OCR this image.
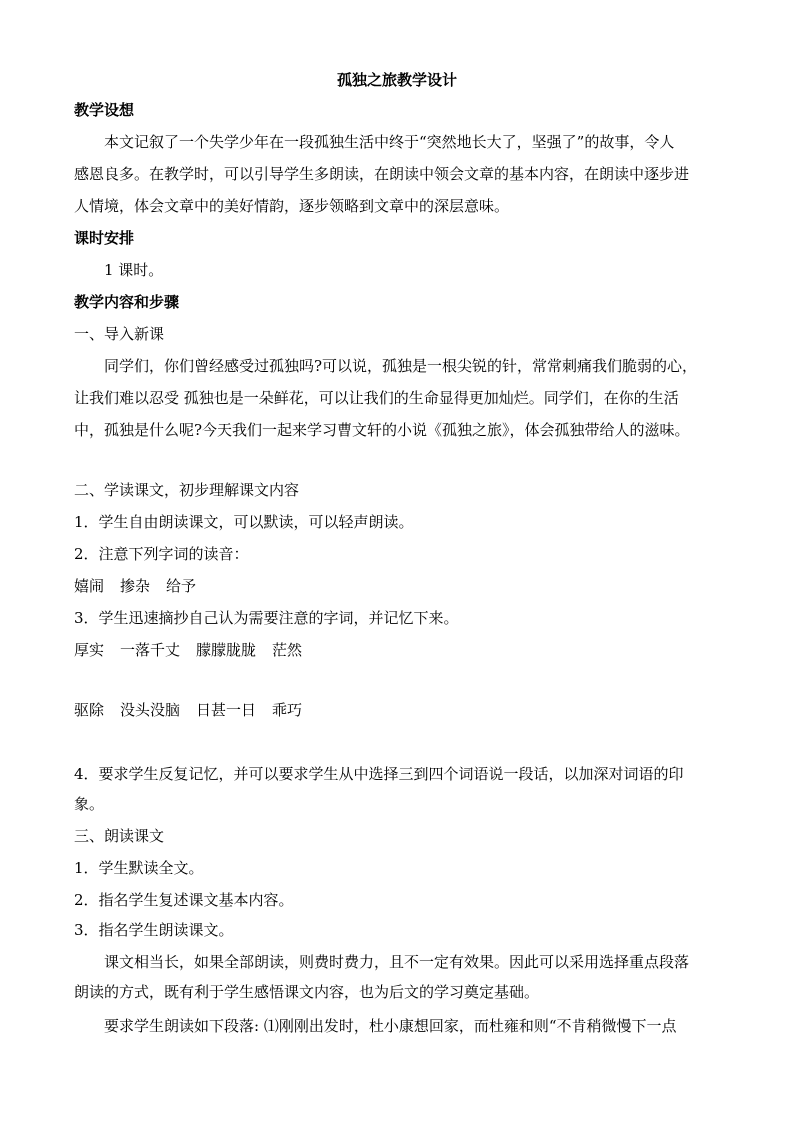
孤独之旅教学设计

教学设想

本文记叙了一个失学少年在一段孤独生活中终于“突然地长大了，坚强了”的故事，令人

感恩良多。在教学时，可以引导学生多朗读，在朗读中领会文章的基本内容，在朗读中逐步进

人情境，体会文章中的美好情韵，逐步领略到文章中的深层意味。

课时安排

1 课时。

教学内容和步骤

一、导入新课

同学们，你们曾经感受过孤独吗?可以说，孤独是一根尖锐的针，常常刺痛我们脆弱的心，

让我们难以忍受 孤独也是一朵鲜花，可以让我们的生命显得更加灿烂。同学们，在你的生活

中，孤独是什么呢?今天我们一起来学习曹文轩的小说《孤独之旅》，体会孤独带给人的滋味。

二、学读课文，初步理解课文内容

1．学生自由朗读课文，可以默读，可以轻声朗读。

2．注意下列字词的读音：

嬉闹 掺杂 给予

3．学生迅速摘抄自己认为需要注意的字词，并记忆下来。

厚实 一落千丈 朦朦胧胧 茫然

驱除 没头没脑 日甚一日 乖巧

4．要求学生反复记忆，并可以要求学生从中选择三到四个词语说一段话，以加深对词语的印

象。

三、朗读课文

1．学生默读全文。

2．指名学生复述课文基本内容。

3．指名学生朗读课文。

课文相当长，如果全部朗读，则费时费力，且不一定有效果。因此可以采用选择重点段落

朗读的方式，既有利于学生感悟课文内容，也为后文的学习奠定基础。

要求学生朗读如下段落: ⑴刚刚出发时，杜小康想回家，而杜雍和则“不肯稍微慢下一点
